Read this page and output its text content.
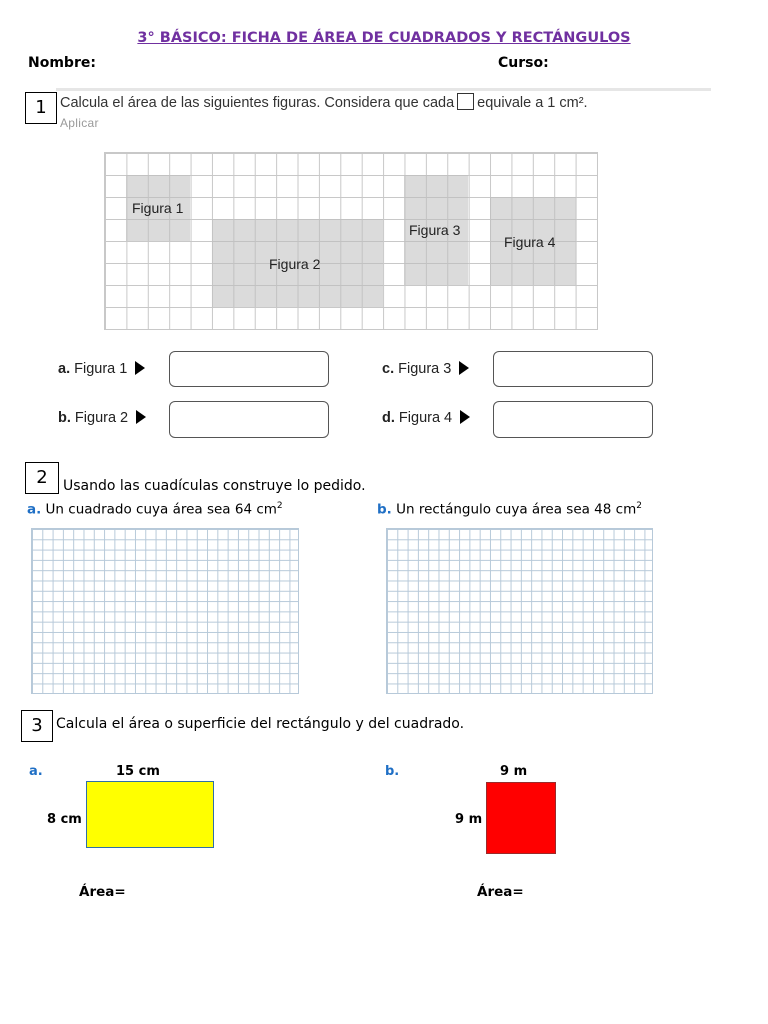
3° BÁSICO: FICHA DE ÁREA DE CUADRADOS Y RECTÁNGULOS
Nombre:	Curso:
1 Calcula el área de las siguientes figuras. Considera que cada equivale a 1 cm².
Aplicar
Figura 1
Figura 2
Figura 3
Figura 4
a. Figura 1	c. Figura 3
b. Figura 2	d. Figura 4
2	Usando las cuadículas construye lo pedido.
a. Un cuadrado cuya área sea 64 $cm^2$	b. Un rectángulo cuya área sea 48 $cm^2$
3 Calcula el área o superficie del rectángulo y del cuadrado.
a.	15 cm
8 cm
Área=
b.	9 m
9 m
Área=
